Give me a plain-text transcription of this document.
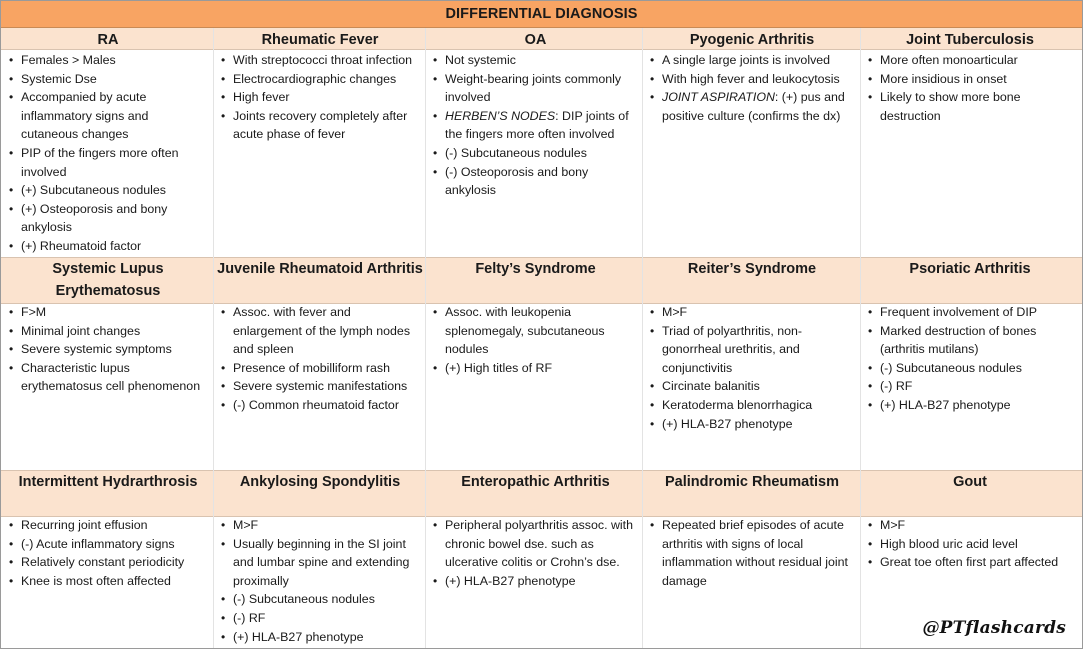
DIFFERENTIAL DIAGNOSIS
RA
• Females > Males
• Systemic Dse
• Accompanied by acute inflammatory signs and cutaneous changes
• PIP of the fingers more often involved
• (+) Subcutaneous nodules
• (+) Osteoporosis and bony ankylosis
• (+) Rheumatoid factor
Rheumatic Fever
• With streptococci throat infection
• Electrocardiographic changes
• High fever
• Joints recovery completely after acute phase of fever
OA
• Not systemic
• Weight-bearing joints commonly involved
• HERBEN’S NODES: DIP joints of the fingers more often involved
• (-) Subcutaneous nodules
• (-) Osteoporosis and bony ankylosis
Pyogenic Arthritis
• A single large joints is involved
• With high fever and leukocytosis
• JOINT ASPIRATION: (+) pus and positive culture (confirms the dx)
Joint Tuberculosis
• More often monoarticular
• More insidious in onset
• Likely to show more bone destruction
Systemic Lupus Erythematosus
• F>M
• Minimal joint changes
• Severe systemic symptoms
• Characteristic lupus erythematosus cell phenomenon
Juvenile Rheumatoid Arthritis
• Assoc. with fever and enlargement of the lymph nodes and spleen
• Presence of mobilliform rash
• Severe systemic manifestations
• (-) Common rheumatoid factor
Felty’s Syndrome
• Assoc. with leukopenia splenomegaly, subcutaneous nodules
• (+) High titles of RF
Reiter’s Syndrome
• M>F
• Triad of polyarthritis, non-gonorrheal urethritis, and conjunctivitis
• Circinate balanitis
• Keratoderma blenorrhagica
• (+) HLA-B27 phenotype
Psoriatic Arthritis
• Frequent involvement of DIP
• Marked destruction of bones (arthritis mutilans)
• (-) Subcutaneous nodules
• (-) RF
• (+) HLA-B27 phenotype
Intermittent Hydrarthrosis
• Recurring joint effusion
• (-) Acute inflammatory signs
• Relatively constant periodicity
• Knee is most often affected
Ankylosing Spondylitis
• M>F
• Usually beginning in the SI joint and lumbar spine and extending proximally
• (-) Subcutaneous nodules
• (-) RF
• (+) HLA-B27 phenotype
Enteropathic Arthritis
• Peripheral polyarthritis assoc. with chronic bowel dse. such as ulcerative colitis or Crohn’s dse.
• (+) HLA-B27 phenotype
Palindromic Rheumatism
• Repeated brief episodes of acute arthritis with signs of local inflammation without residual joint damage
Gout
• M>F
• High blood uric acid level
• Great toe often first part affected
@PTflashcards
